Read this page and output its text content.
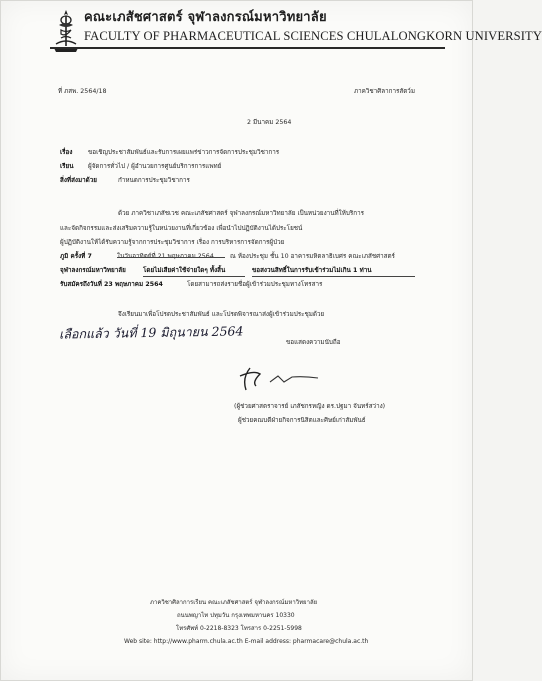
คณะเภสัชศาสตร์ จุฬาลงกรณ์มหาวิทยาลัย
FACULTY OF PHARMACEUTICAL SCIENCES CHULALONGKORN UNIVERSITY
ที่ ภสพ. 2564/18	ภาควิชาศิลาการสัตว์ม
2 มีนาคม 2564
เรื่อง ขอเชิญประชาสัมพันธ์และรับการเผยแพร่ข่าวการจัดการประชุมวิชาการ
เรียน ผู้จัดการทั่วไป / ผู้อำนวยการศูนย์บริการการแพทย์
สิ่งที่ส่งมาด้วย	กำหนดการประชุมวิชาการ
ด้วย ภาควิชาเภสัชเวช คณะเภสัชศาสตร์ จุฬาลงกรณ์มหาวิทยาลัย เป็นหน่วยงานที่ให้บริการ
และจัดกิจกรรมและส่งเสริมความรู้ในหน่วยงานที่เกี่ยวข้อง เพื่อนำไปปฏิบัติงานได้ประโยชน์
ผู้ปฏิบัติงานให้ได้รับความรู้จากการประชุมวิชาการ เรื่อง การบริหารการจัดการผู้ป่วย
ภูมิ ครั้งที่ 7	ณ ห้องประชุม ชั้น 10 อาคารมหิตลาธิเบศร คณะเภสัชศาสตร์
จุฬาลงกรณ์มหาวิทยาลัย	โดยไม่เสียค่าใช้จ่ายใดๆ ทั้งสิ้น	ขอสงวนสิทธิ์ในการรับเข้าร่วมไม่เกิน 1 ท่าน
รับสมัครถึงวันที่ 23 พฤษภาคม 2564	โดยสามารถส่งรายชื่อผู้เข้าร่วมประชุมทางโทรสาร
จึงเรียนมาเพื่อโปรดประชาสัมพันธ์ และโปรดพิจารณาส่งผู้เข้าร่วมประชุมด้วย
เลือกแล้ว วันที่ 19 มิถุนายน 2564
ขอแสดงความนับถือ
(ผู้ช่วยศาสตราจารย์ เภสัชกรหญิง ดร.ปฐมา จันทร์สว่าง)
ผู้ช่วยคณบดีฝ่ายกิจการนิสิตและศิษย์เก่าสัมพันธ์
ภาควิชาศิลาการเรียน คณะเภสัชศาสตร์ จุฬาลงกรณ์มหาวิทยาลัย
ถนนพญาไท ปทุมวัน กรุงเทพมหานคร 10330
โทรศัพท์ 0-2218-8323 โทรสาร 0-2251-5998
Web site: http://www.pharm.chula.ac.th E-mail address: pharmacare@chula.ac.th
